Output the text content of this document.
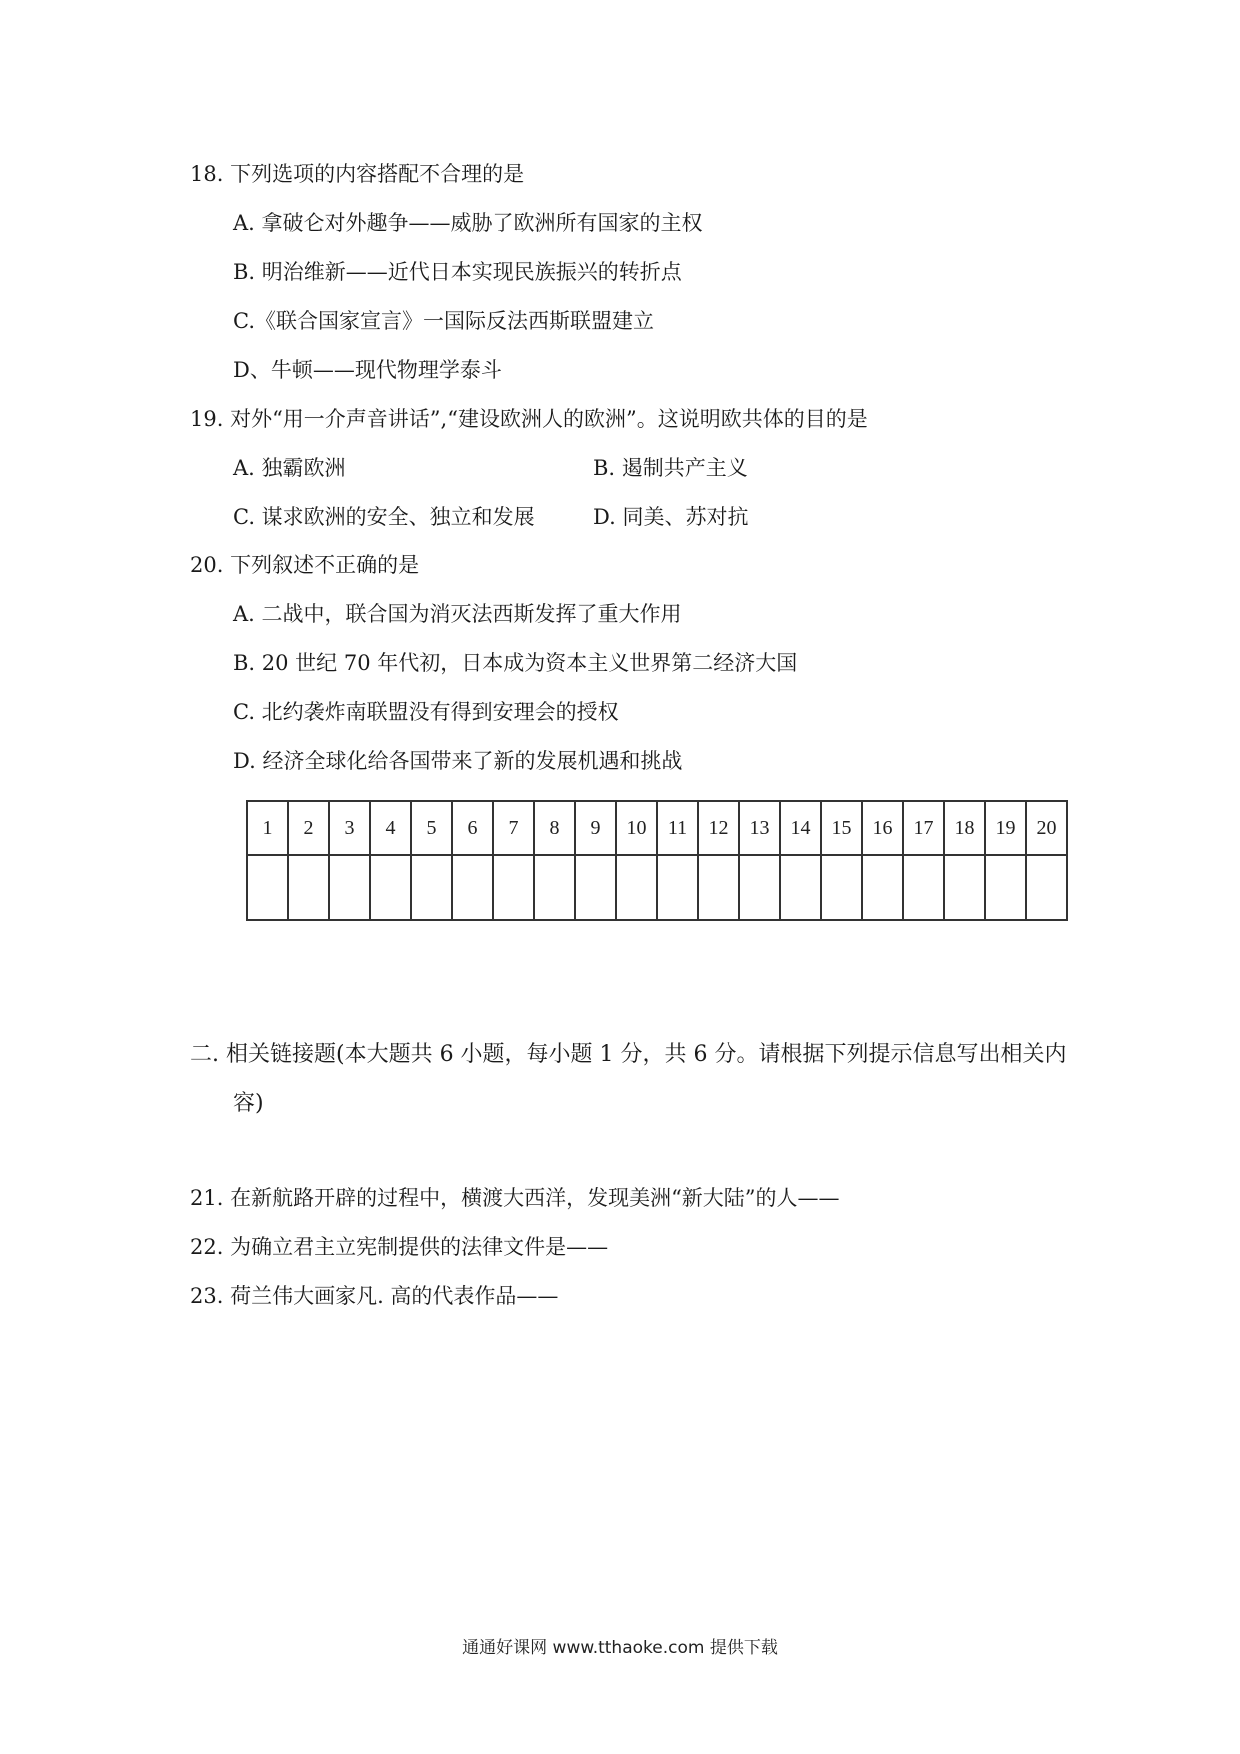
18. 下列选项的内容搭配不合理的是
A. 拿破仑对外趣争——威胁了欧洲所有国家的主权
B. 明治维新——近代日本实现民族振兴的转折点
C.《联合国家宣言》一国际反法西斯联盟建立
D、牛顿——现代物理学泰斗
19. 对外“用一介声音讲话”,“建设欧洲人的欧洲”。这说明欧共体的目的是
A. 独霸欧洲	B. 遏制共产主义
C. 谋求欧洲的安全、独立和发展	D. 同美、苏对抗
20. 下列叙述不正确的是
A. 二战中，联合国为消灭法西斯发挥了重大作用
B. 20 世纪 70 年代初，日本成为资本主义世界第二经济大国
C. 北约袭炸南联盟没有得到安理会的授权
D. 经济全球化给各国带来了新的发展机遇和挑战
1	2	3	4	5	6	7	8	9	10	11	12	13	14	15	16	17	18	19	20

二. 相关链接题(本大题共 6 小题，每小题 1 分，共 6 分。请根据下列提示信息写出相关内
容)
21. 在新航路开辟的过程中，横渡大西洋，发现美洲“新大陆”的人——
22. 为确立君主立宪制提供的法律文件是——
23. 荷兰伟大画家凡. 高的代表作品——
通通好课网 www.tthaoke.com 提供下载
